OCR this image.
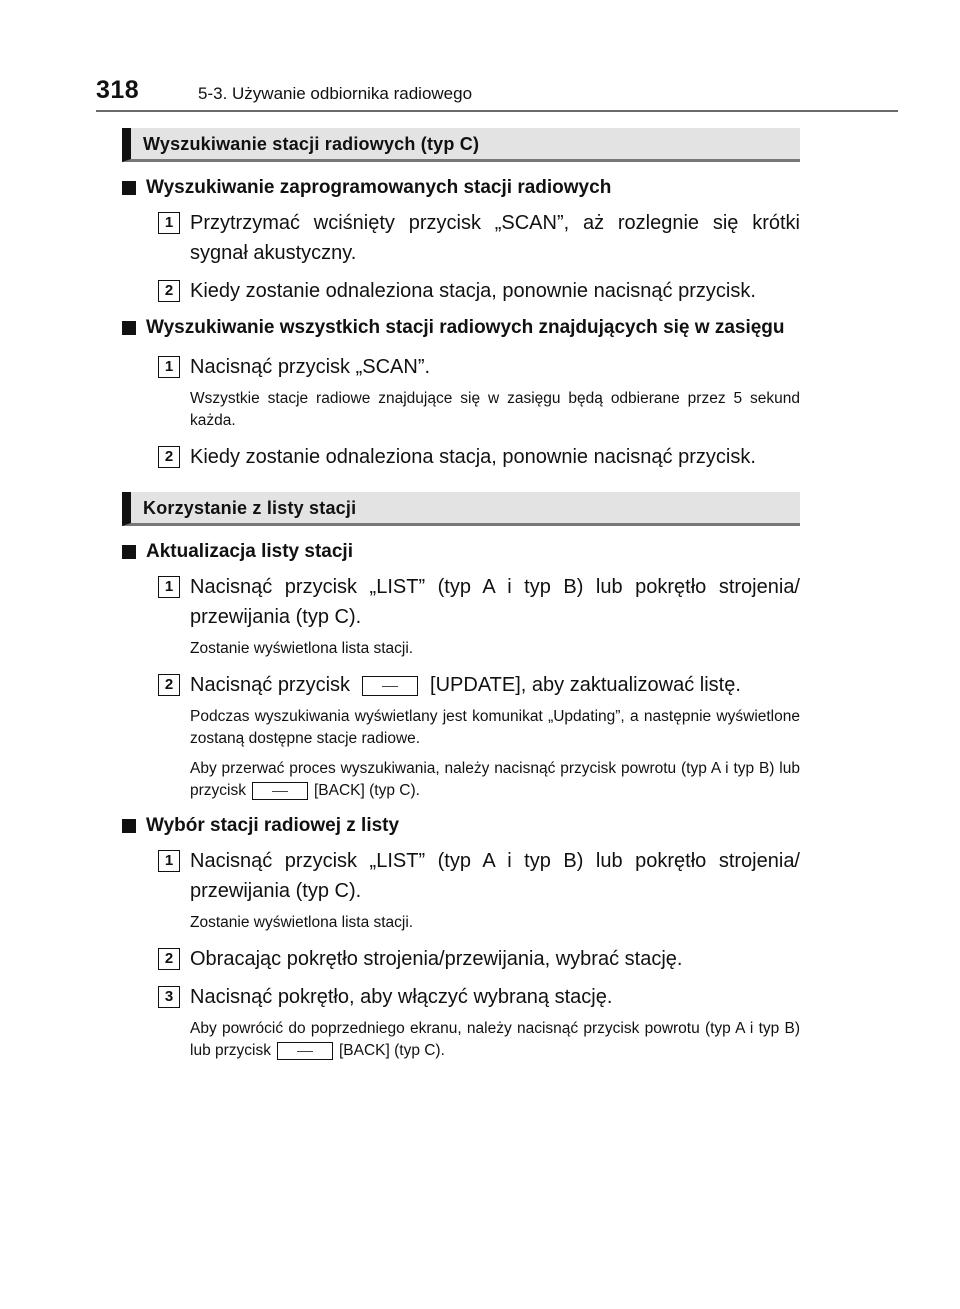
318	5-3. Używanie odbiornika radiowego
Wyszukiwanie stacji radiowych (typ C)
Wyszukiwanie zaprogramowanych stacji radiowych
1 Przytrzymać wciśnięty przycisk „SCAN”, aż rozlegnie się krótki sygnał akustyczny.
2 Kiedy zostanie odnaleziona stacja, ponownie nacisnąć przycisk.
Wyszukiwanie wszystkich stacji radiowych znajdujących się w zasięgu
1 Nacisnąć przycisk „SCAN”.
Wszystkie stacje radiowe znajdujące się w zasięgu będą odbierane przez 5 sekund każda.
2 Kiedy zostanie odnaleziona stacja, ponownie nacisnąć przycisk.
Korzystanie z listy stacji
Aktualizacja listy stacji
1 Nacisnąć przycisk „LIST” (typ A i typ B) lub pokrętło strojenia/ przewijania (typ C).
Zostanie wyświetlona lista stacji.
2 Nacisnąć przycisk	[UPDATE], aby zaktualizować listę.
Podczas wyszukiwania wyświetlany jest komunikat „Updating”, a następnie wyświetlone zostaną dostępne stacje radiowe.
Aby przerwać proces wyszukiwania, należy nacisnąć przycisk powrotu (typ A i typ B) lub przycisk	[BACK] (typ C).
Wybór stacji radiowej z listy
1 Nacisnąć przycisk „LIST” (typ A i typ B) lub pokrętło strojenia/ przewijania (typ C).
Zostanie wyświetlona lista stacji.
2 Obracając pokrętło strojenia/przewijania, wybrać stację.
3 Nacisnąć pokrętło, aby włączyć wybraną stację.
Aby powrócić do poprzedniego ekranu, należy nacisnąć przycisk powrotu (typ A i typ B) lub przycisk	[BACK] (typ C).
